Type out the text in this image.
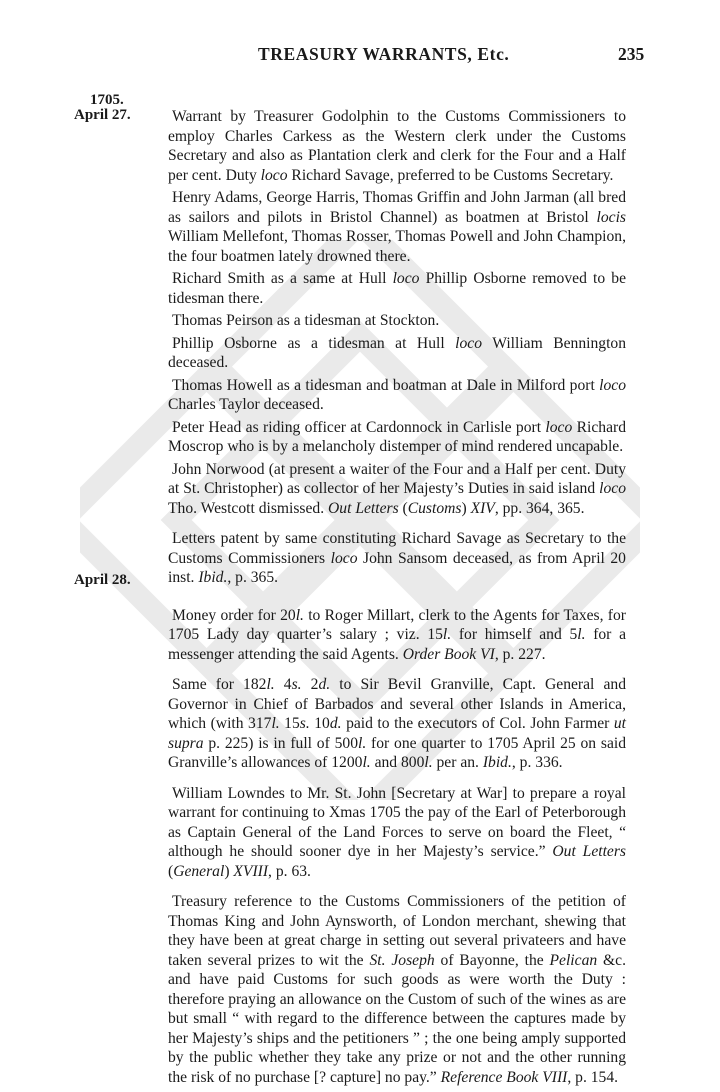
TREASURY WARRANTS, Etc.	235
1705.
April 27.
April 28.

Warrant by Treasurer Godolphin to the Customs Commissioners to employ Charles Carkess as the Western clerk under the Customs Secretary and also as Plantation clerk and clerk for the Four and a Half per cent. Duty loco Richard Savage, preferred to be Customs Secretary.

Henry Adams, George Harris, Thomas Griffin and John Jarman (all bred as sailors and pilots in Bristol Channel) as boatmen at Bristol locis William Mellefont, Thomas Rosser, Thomas Powell and John Champion, the four boatmen lately drowned there.

Richard Smith as a same at Hull loco Phillip Osborne removed to be tidesman there.

Thomas Peirson as a tidesman at Stockton.

Phillip Osborne as a tidesman at Hull loco William Bennington deceased.

Thomas Howell as a tidesman and boatman at Dale in Milford port loco Charles Taylor deceased.

Peter Head as riding officer at Cardonnock in Carlisle port loco Richard Moscrop who is by a melancholy distemper of mind rendered uncapable.

John Norwood (at present a waiter of the Four and a Half per cent. Duty at St. Christopher) as collector of her Majesty’s Duties in said island loco Tho. Westcott dismissed. Out Letters (Customs) XIV, pp. 364, 365.

Letters patent by same constituting Richard Savage as Secretary to the Customs Commissioners loco John Sansom deceased, as from April 20 inst. Ibid., p. 365.

Money order for 20l. to Roger Millart, clerk to the Agents for Taxes, for 1705 Lady day quarter’s salary ; viz. 15l. for himself and 5l. for a messenger attending the said Agents. Order Book VI, p. 227.

Same for 182l. 4s. 2d. to Sir Bevil Granville, Capt. General and Governor in Chief of Barbados and several other Islands in America, which (with 317l. 15s. 10d. paid to the executors of Col. John Farmer ut supra p. 225) is in full of 500l. for one quarter to 1705 April 25 on said Granville’s allowances of 1200l. and 800l. per an. Ibid., p. 336.

William Lowndes to Mr. St. John [Secretary at War] to prepare a royal warrant for continuing to Xmas 1705 the pay of the Earl of Peterborough as Captain General of the Land Forces to serve on board the Fleet, “ although he should sooner dye in her Majesty’s service.” Out Letters (General) XVIII, p. 63.

Treasury reference to the Customs Commissioners of the petition of Thomas King and John Aynsworth, of London merchant, shewing that they have been at great charge in setting out several privateers and have taken several prizes to wit the St. Joseph of Bayonne, the Pelican &c. and have paid Customs for such goods as were worth the Duty : therefore praying an allowance on the Custom of such of the wines as are but small “ with regard to the difference between the captures made by her Majesty’s ships and the petitioners ” ; the one being amply supported by the public whether they take any prize or not and the other running the risk of no purchase [? capture] no pay.” Reference Book VIII, p. 154.
